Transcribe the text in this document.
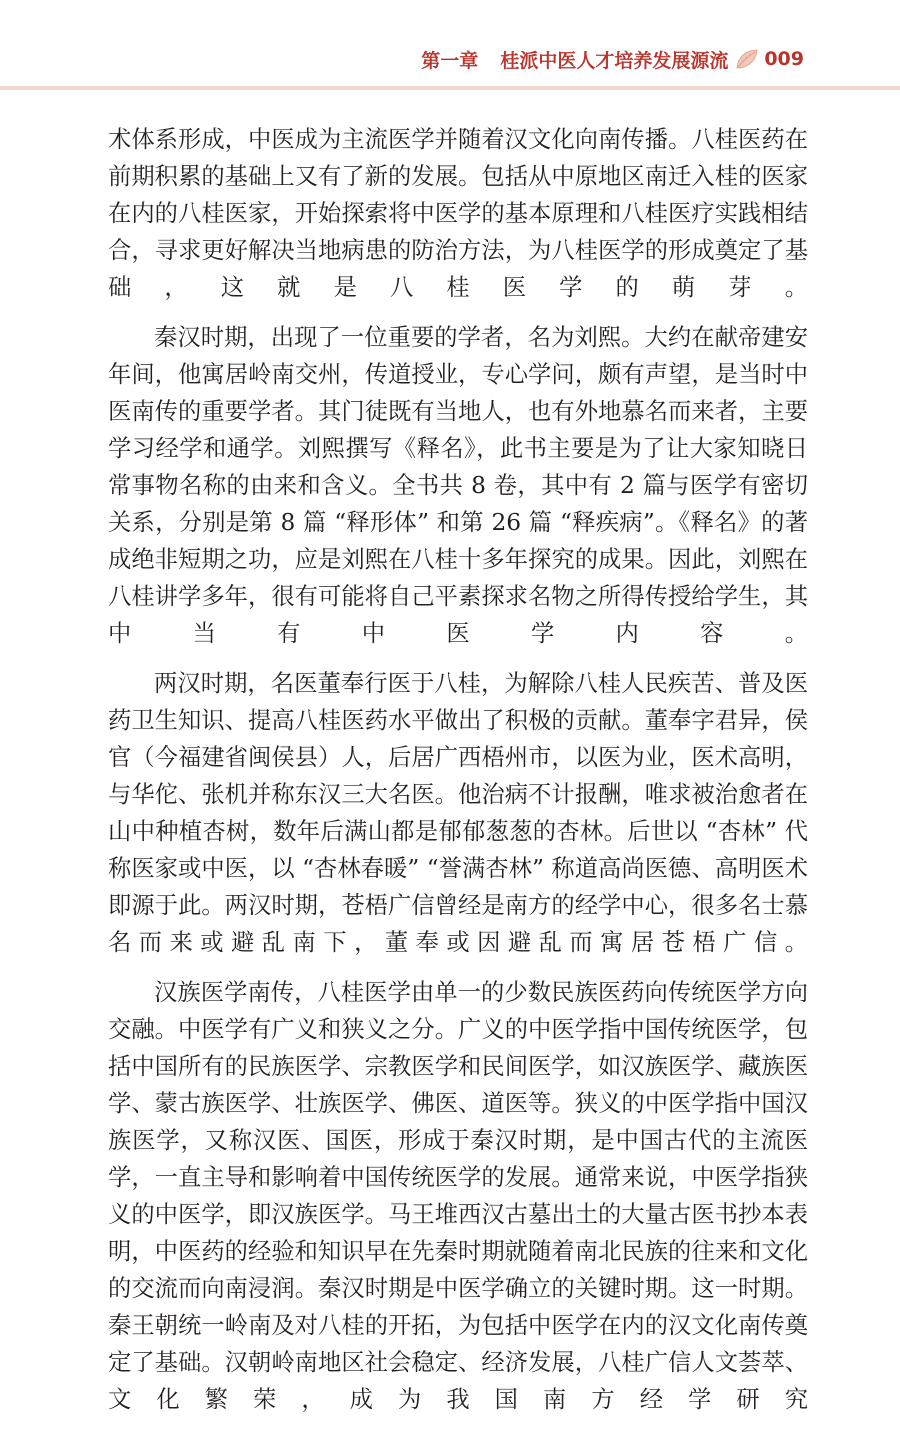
第一章 桂派中医人才培养发展源流 009

术体系形成，中医成为主流医学并随着汉文化向南传播。八桂医药在前期积累的基础上又有了新的发展。包括从中原地区南迁入桂的医家在内的八桂医家，开始探索将中医学的基本原理和八桂医疗实践相结合，寻求更好解决当地病患的防治方法，为八桂医学的形成奠定了基础，这就是八桂医学的萌芽。

秦汉时期，出现了一位重要的学者，名为刘熙。大约在献帝建安年间，他寓居岭南交州，传道授业，专心学问，颇有声望，是当时中医南传的重要学者。其门徒既有当地人，也有外地慕名而来者，主要学习经学和通学。刘熙撰写《释名》，此书主要是为了让大家知晓日常事物名称的由来和含义。全书共 8 卷，其中有 2 篇与医学有密切关系，分别是第 8 篇 “释形体” 和第 26 篇 “释疾病”。《释名》的著成绝非短期之功，应是刘熙在八桂十多年探究的成果。因此，刘熙在八桂讲学多年，很有可能将自己平素探求名物之所得传授给学生，其中当有中医学内容。

两汉时期，名医董奉行医于八桂，为解除八桂人民疾苦、普及医药卫生知识、提高八桂医药水平做出了积极的贡献。董奉字君异，侯官（今福建省闽侯县）人，后居广西梧州市，以医为业，医术高明，与华佗、张机并称东汉三大名医。他治病不计报酬，唯求被治愈者在山中种植杏树，数年后满山都是郁郁葱葱的杏林。后世以 “杏林” 代称医家或中医，以 “杏林春暖” “誉满杏林” 称道高尚医德、高明医术即源于此。两汉时期，苍梧广信曾经是南方的经学中心，很多名士慕名而来或避乱南下，董奉或因避乱而寓居苍梧广信。

汉族医学南传，八桂医学由单一的少数民族医药向传统医学方向交融。中医学有广义和狭义之分。广义的中医学指中国传统医学，包括中国所有的民族医学、宗教医学和民间医学，如汉族医学、藏族医学、蒙古族医学、壮族医学、佛医、道医等。狭义的中医学指中国汉族医学，又称汉医、国医，形成于秦汉时期，是中国古代的主流医学，一直主导和影响着中国传统医学的发展。通常来说，中医学指狭义的中医学，即汉族医学。马王堆西汉古墓出土的大量古医书抄本表明，中医药的经验和知识早在先秦时期就随着南北民族的往来和文化的交流而向南浸润。秦汉时期是中医学确立的关键时期。这一时期。秦王朝统一岭南及对八桂的开拓，为包括中医学在内的汉文化南传奠定了基础。汉朝岭南地区社会稳定、经济发展，八桂广信人文荟萃、文化繁荣，成为我国南方经学研究
